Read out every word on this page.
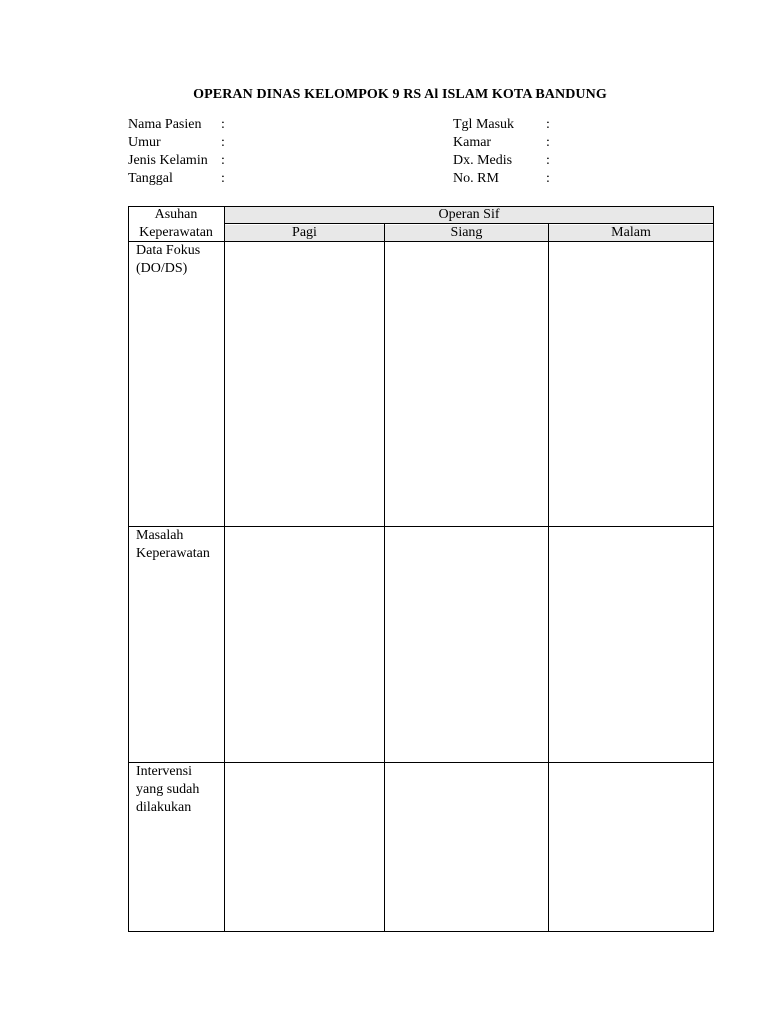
OPERAN DINAS KELOMPOK 9 RS Al ISLAM KOTA BANDUNG
Nama Pasien :
Umur	:
Jenis Kelamin :
Tanggal	:
Tgl Masuk :
Kamar	:
Dx. Medis :
No. RM	:
Asuhan
Keperawatan
Operan Sif
Pagi	Siang	Malam
Data Fokus
(DO/DS)
Masalah
Keperawatan
Intervensi
yang sudah
dilakukan
